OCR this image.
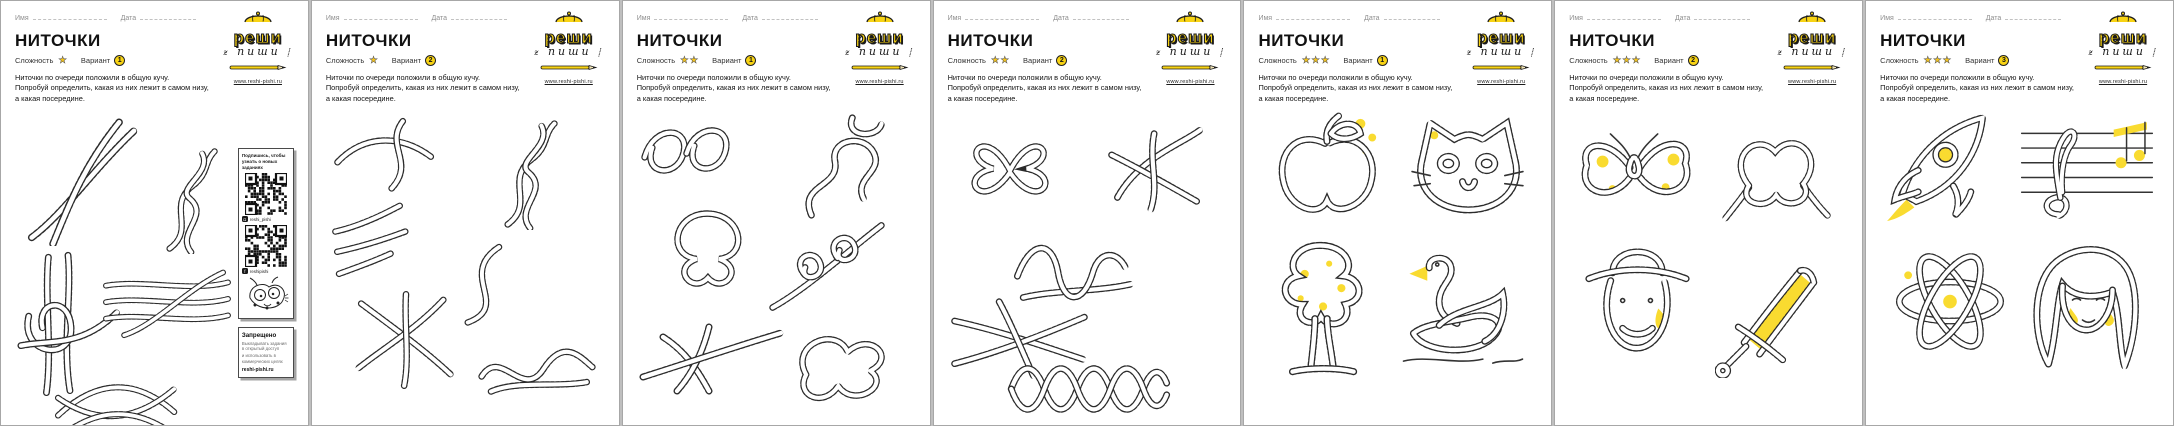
Имя	Дата
реши
ƶ пиши ⸽
www.reshi-pishi.ru
НИТОЧКИ
Сложность ★ Вариант	1
Ниточки по очереди положили в общую кучу.
Попробуй определить, какая из них лежит в самом низу,
а какая посередине.
Подпишись, чтобы узнать о новых заданиях
◘ reshi_pishi
f reshipishi
Запрещено
Выкладывать задания в открытый доступ
и использовать в коммерческих целях
reshi-pishi.ru
Имя	Дата
реши
ƶ пиши ⸽
www.reshi-pishi.ru
НИТОЧКИ
Сложность ★ Вариант	2
Ниточки по очереди положили в общую кучу.
Попробуй определить, какая из них лежит в самом низу,
а какая посередине.
Имя	Дата
реши
ƶ пиши ⸽
www.reshi-pishi.ru
НИТОЧКИ
Сложность ★★ Вариант	1
Ниточки по очереди положили в общую кучу.
Попробуй определить, какая из них лежит в самом низу,
а какая посередине.
Имя	Дата
реши
ƶ пиши ⸽
www.reshi-pishi.ru
НИТОЧКИ
Сложность ★★ Вариант	2
Ниточки по очереди положили в общую кучу.
Попробуй определить, какая из них лежит в самом низу,
а какая посередине.
Имя	Дата
реши
ƶ пиши ⸽
www.reshi-pishi.ru
НИТОЧКИ
Сложность ★★★ Вариант	1
Ниточки по очереди положили в общую кучу.
Попробуй определить, какая из них лежит в самом низу,
а какая посередине.
Имя	Дата
реши
ƶ пиши ⸽
www.reshi-pishi.ru
НИТОЧКИ
Сложность ★★★ Вариант	2
Ниточки по очереди положили в общую кучу.
Попробуй определить, какая из них лежит в самом низу,
а какая посередине.
Имя	Дата
реши
ƶ пиши ⸽
www.reshi-pishi.ru
НИТОЧКИ
Сложность ★★★ Вариант	3
Ниточки по очереди положили в общую кучу.
Попробуй определить, какая из них лежит в самом низу,
а какая посередине.
